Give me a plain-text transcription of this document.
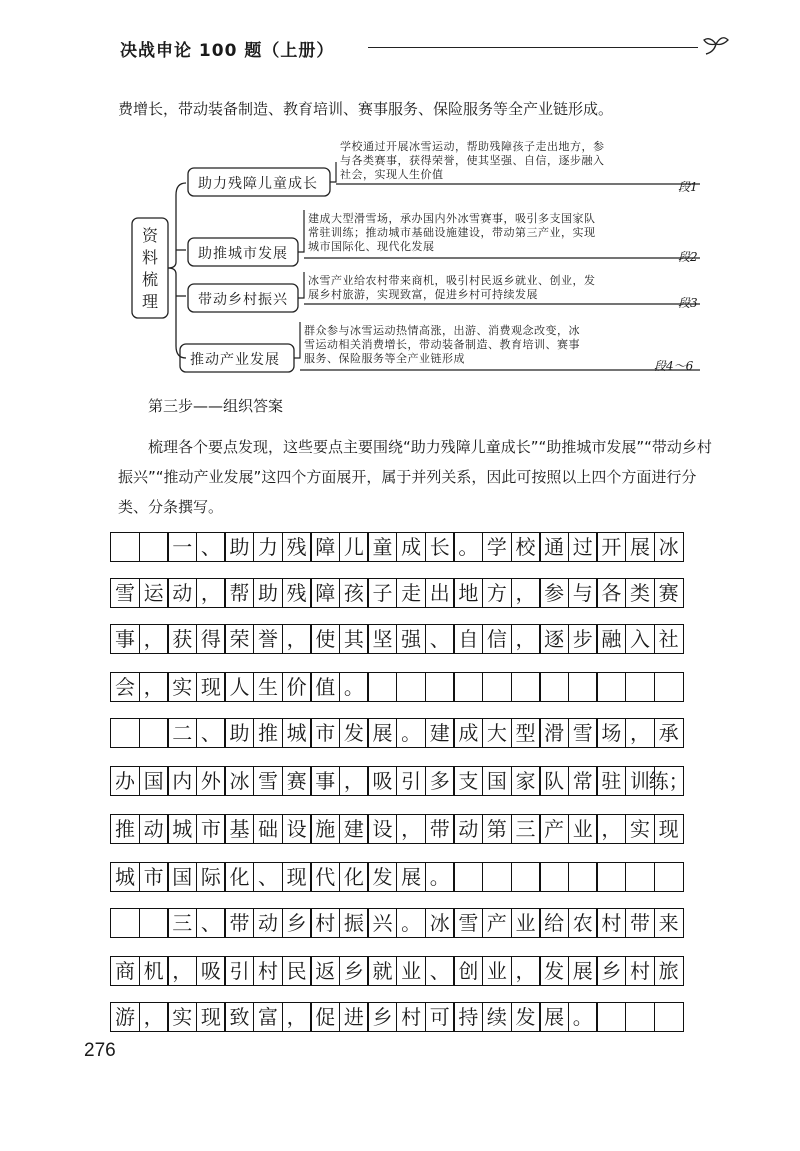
决战申论 100 题（上册）
费增长，带动装备制造、教育培训、赛事服务、保险服务等全产业链形成。
资料梳理
助力残障儿童成长
助推城市发展
带动乡村振兴
推动产业发展
学校通过开展冰雪运动，帮助残障孩子走出地方，参
与各类赛事，获得荣誉，使其坚强、自信，逐步融入
社会，实现人生价值
建成大型滑雪场，承办国内外冰雪赛事，吸引多支国家队
常驻训练；推动城市基础设施建设，带动第三产业，实现
城市国际化、现代化发展
冰雪产业给农村带来商机，吸引村民返乡就业、创业，发
展乡村旅游，实现致富，促进乡村可持续发展
群众参与冰雪运动热情高涨，出游、消费观念改变，冰
雪运动相关消费增长，带动装备制造、教育培训、赛事
服务、保险服务等全产业链形成
段1
段2
段3
段4～6
第三步——组织答案
梳理各个要点发现，这些要点主要围绕“助力残障儿童成长”“助推城市发展”“带动乡村振兴”“推动产业发展”这四个方面展开，属于并列关系，因此可按照以上四个方面进行分类、分条撰写。
一 、 助 力 残 障 儿 童 成 长 。 学 校 通 过 开 展 冰
雪 运 动 ， 帮 助 残 障 孩 子 走 出 地 方 ， 参 与 各 类 赛
事 ， 获 得 荣 誉 ， 使 其 坚 强 、 自 信 ， 逐 步 融 入 社
会 ， 实 现 人 生 价 值 。
二 、 助 推 城 市 发 展 。 建 成 大 型 滑 雪 场 ， 承
办 国 内 外 冰 雪 赛 事 ， 吸 引 多 支 国 家 队 常 驻 训
练；
推 动 城 市 基 础 设 施 建 设 ， 带 动 第 三 产 业 ， 实 现
城 市 国 际 化 、 现 代 化 发 展 。
三 、 带 动 乡 村 振 兴 。 冰 雪 产 业 给 农 村 带 来
商 机 ， 吸 引 村 民 返 乡 就 业 、 创 业 ， 发 展 乡 村 旅
游 ， 实 现 致 富 ， 促 进 乡 村 可 持 续 发 展 。
276
